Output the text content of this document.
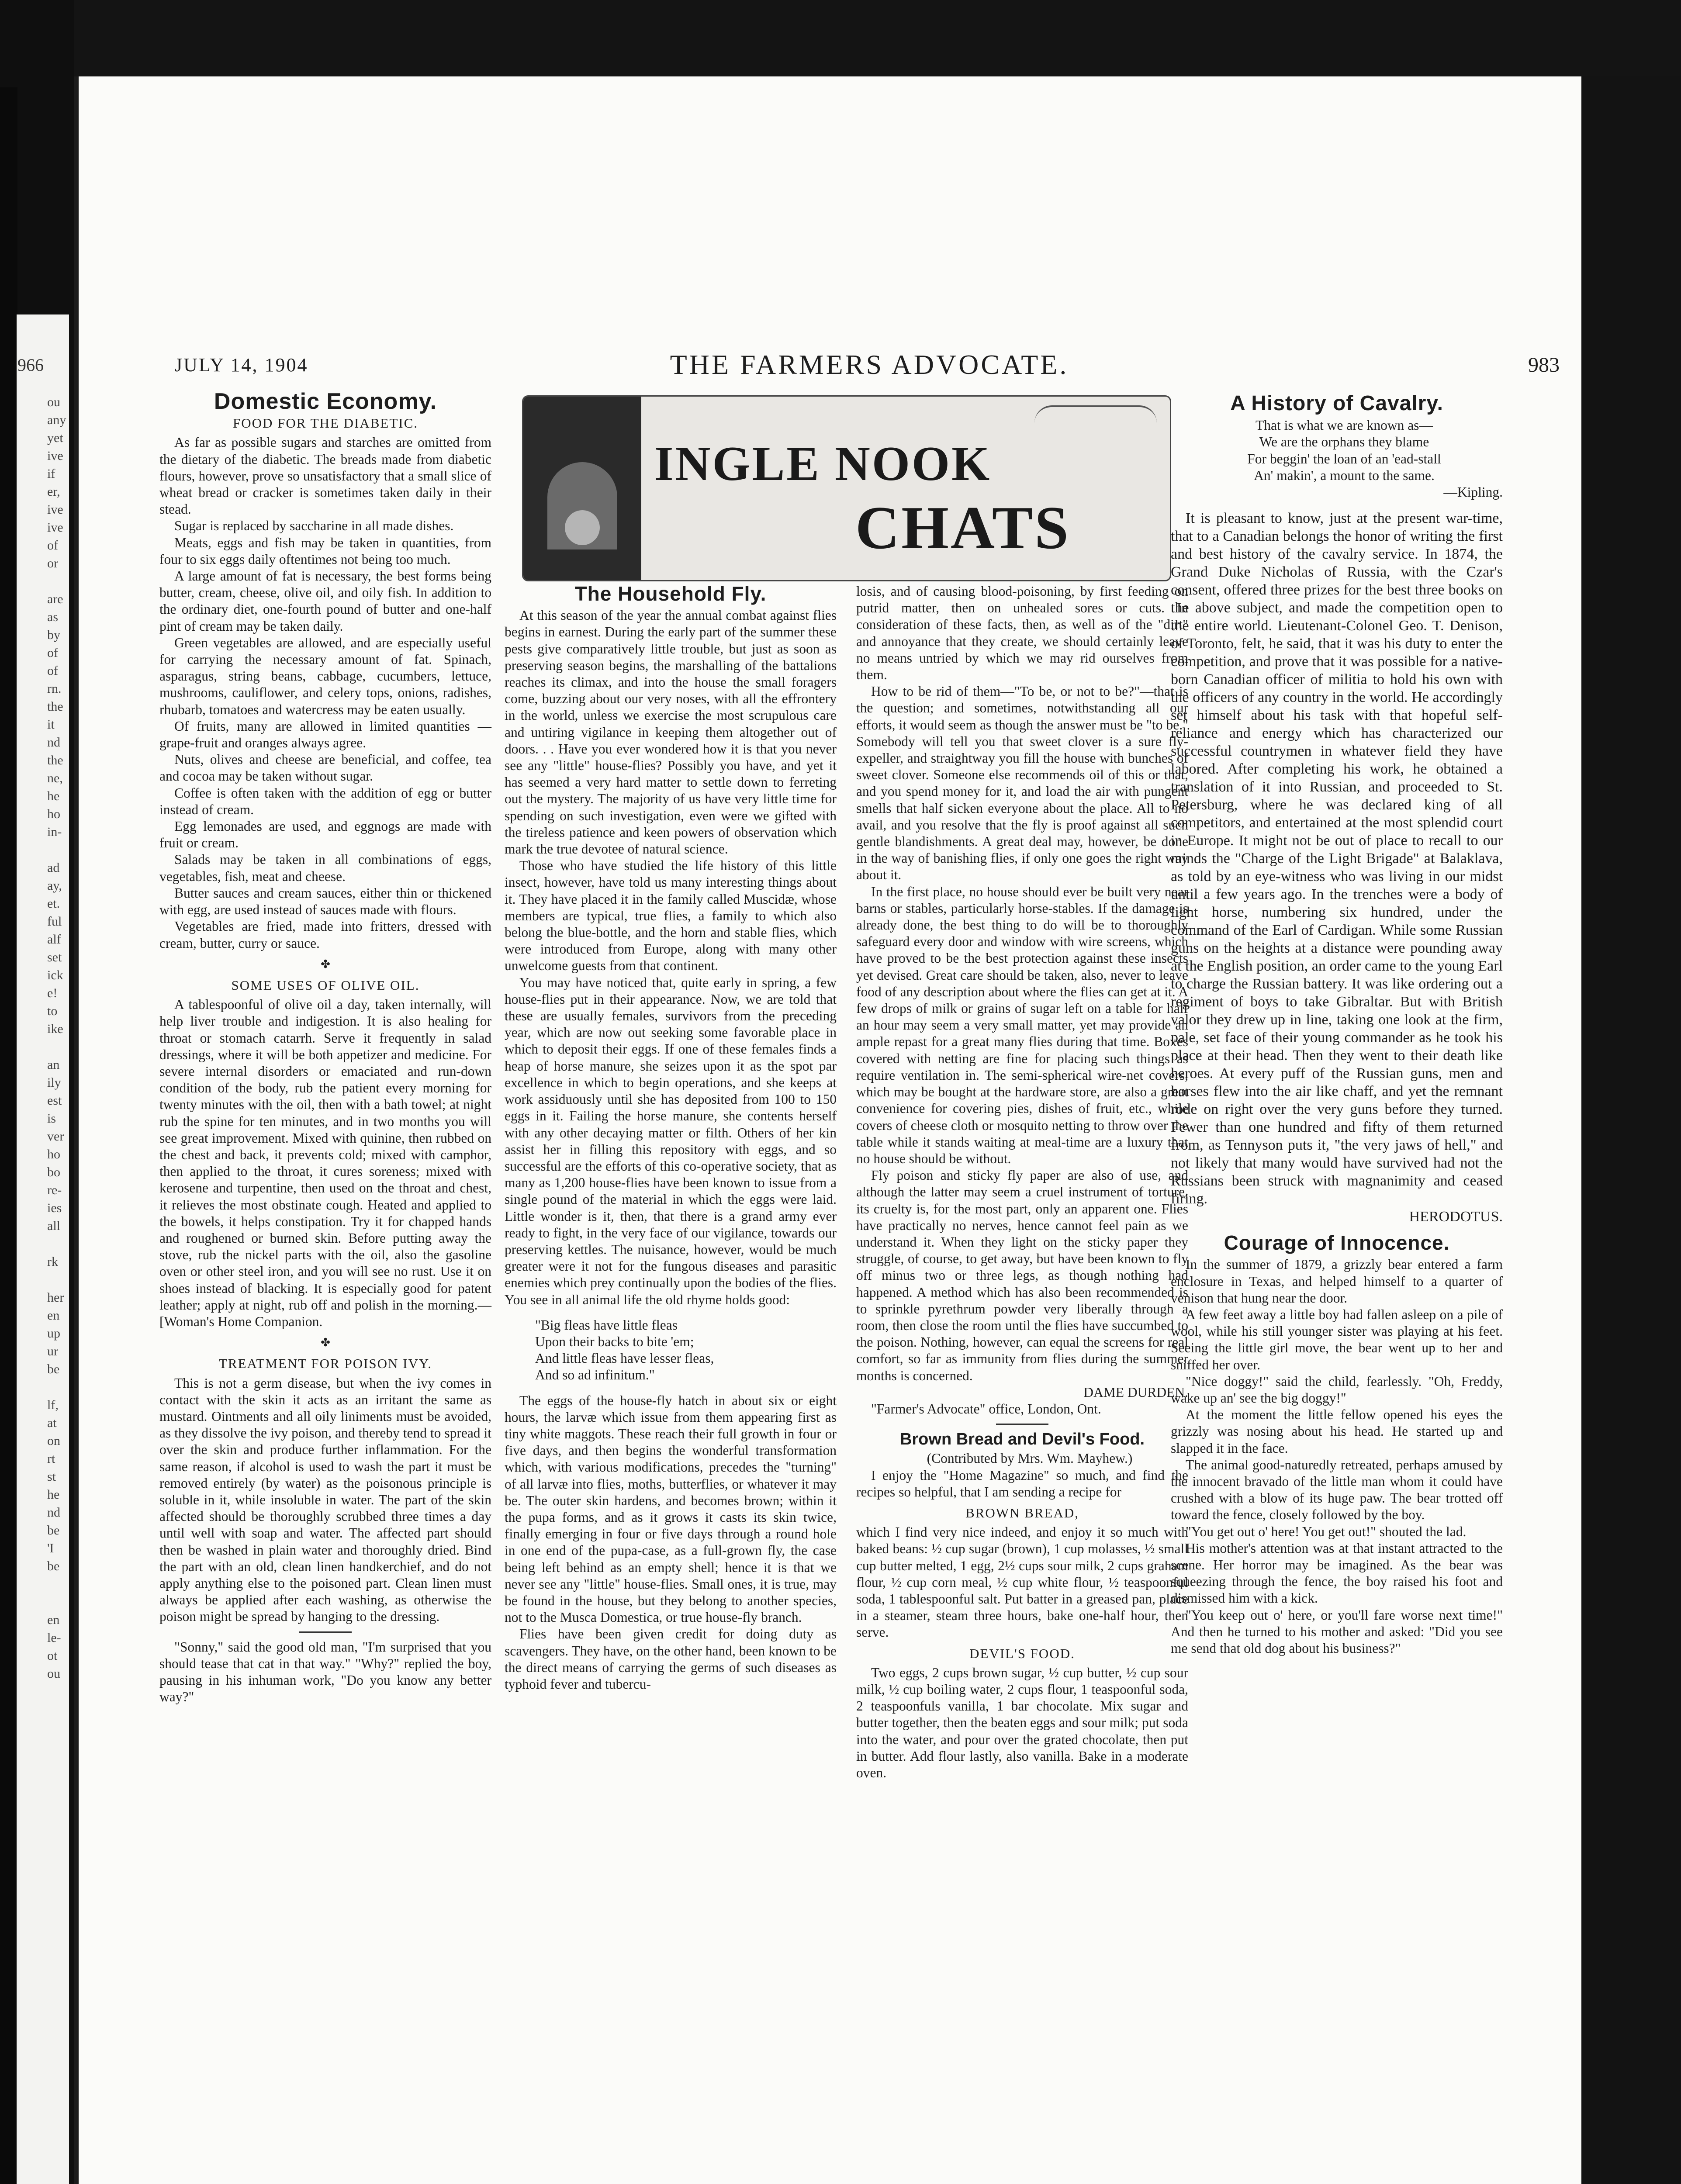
966
ou
any
yet
ive
if
er,
ive
ive
of
or

are
as
by
of
of
rn.
the
it
nd
the
ne,
he
ho
in-

ad
ay,
et.
ful
alf
set
ick
e!
to
ike

an
ily
est
is
ver
ho
bo
re-
ies
all

rk

her
en
up
ur
be

lf,
at
on
rt
st
he
nd
be
'I
be

en
le-
ot
ou
JULY 14, 1904	THE FARMERS ADVOCATE.	983
INGLE NOOK
CHATS
Domestic Economy.
FOOD FOR THE DIABETIC.

As far as possible sugars and starches are omitted from the dietary of the diabetic. The breads made from diabetic flours, however, prove so unsatisfactory that a small slice of wheat bread or cracker is sometimes taken daily in their stead.

Sugar is replaced by saccharine in all made dishes.

Meats, eggs and fish may be taken in quantities, from four to six eggs daily oftentimes not being too much.

A large amount of fat is necessary, the best forms being butter, cream, cheese, olive oil, and oily fish. In addition to the ordinary diet, one-fourth pound of butter and one-half pint of cream may be taken daily.

Green vegetables are allowed, and are especially useful for carrying the necessary amount of fat. Spinach, asparagus, string beans, cabbage, cucumbers, lettuce, mushrooms, cauliflower, and celery tops, onions, radishes, rhubarb, tomatoes and watercress may be eaten usually.

Of fruits, many are allowed in limited quantities — grape-fruit and oranges always agree.

Nuts, olives and cheese are beneficial, and coffee, tea and cocoa may be taken without sugar.

Coffee is often taken with the addition of egg or butter instead of cream.

Egg lemonades are used, and eggnogs are made with fruit or cream.

Salads may be taken in all combinations of eggs, vegetables, fish, meat and cheese.

Butter sauces and cream sauces, either thin or thickened with egg, are used instead of sauces made with flours.

Vegetables are fried, made into fritters, dressed with cream, butter, curry or sauce.

✤
SOME USES OF OLIVE OIL.

A tablespoonful of olive oil a day, taken internally, will help liver trouble and indigestion. It is also healing for throat or stomach catarrh. Serve it frequently in salad dressings, where it will be both appetizer and medicine. For severe internal disorders or emaciated and run-down condition of the body, rub the patient every morning for twenty minutes with the oil, then with a bath towel; at night rub the spine for ten minutes, and in two months you will see great improvement. Mixed with quinine, then rubbed on the chest and back, it prevents cold; mixed with camphor, then applied to the throat, it cures soreness; mixed with kerosene and turpentine, then used on the throat and chest, it relieves the most obstinate cough. Heated and applied to the bowels, it helps constipation. Try it for chapped hands and roughened or burned skin. Before putting away the stove, rub the nickel parts with the oil, also the gasoline oven or other steel iron, and you will see no rust. Use it on shoes instead of blacking. It is especially good for patent leather; apply at night, rub off and polish in the morning.—[Woman's Home Companion.

✤
TREATMENT FOR POISON IVY.

This is not a germ disease, but when the ivy comes in contact with the skin it acts as an irritant the same as mustard. Ointments and all oily liniments must be avoided, as they dissolve the ivy poison, and thereby tend to spread it over the skin and produce further inflammation. For the same reason, if alcohol is used to wash the part it must be removed entirely (by water) as the poisonous principle is soluble in it, while insoluble in water. The part of the skin affected should be thoroughly scrubbed three times a day until well with soap and water. The affected part should then be washed in plain water and thoroughly dried. Bind the part with an old, clean linen handkerchief, and do not apply anything else to the poisoned part. Clean linen must always be applied after each washing, as otherwise the poison might be spread by hanging to the dressing.

"Sonny," said the good old man, "I'm surprised that you should tease that cat in that way." "Why?" replied the boy, pausing in his inhuman work, "Do you know any better way?"

The Household Fly.

At this season of the year the annual combat against flies begins in earnest. During the early part of the summer these pests give comparatively little trouble, but just as soon as preserving season begins, the marshalling of the battalions reaches its climax, and into the house the small foragers come, buzzing about our very noses, with all the effrontery in the world, unless we exercise the most scrupulous care and untiring vigilance in keeping them altogether out of doors. . . Have you ever wondered how it is that you never see any "little" house-flies? Possibly you have, and yet it has seemed a very hard matter to settle down to ferreting out the mystery. The majority of us have very little time for spending on such investigation, even were we gifted with the tireless patience and keen powers of observation which mark the true devotee of natural science.

Those who have studied the life history of this little insect, however, have told us many interesting things about it. They have placed it in the family called Muscidæ, whose members are typical, true flies, a family to which also belong the blue-bottle, and the horn and stable flies, which were introduced from Europe, along with many other unwelcome guests from that continent.

You may have noticed that, quite early in spring, a few house-flies put in their appearance. Now, we are told that these are usually females, survivors from the preceding year, which are now out seeking some favorable place in which to deposit their eggs. If one of these females finds a heap of horse manure, she seizes upon it as the spot par excellence in which to begin operations, and she keeps at work assiduously until she has deposited from 100 to 150 eggs in it. Failing the horse manure, she contents herself with any other decaying matter or filth. Others of her kin assist her in filling this repository with eggs, and so successful are the efforts of this co-operative society, that as many as 1,200 house-flies have been known to issue from a single pound of the material in which the eggs were laid. Little wonder is it, then, that there is a grand army ever ready to fight, in the very face of our vigilance, towards our preserving kettles. The nuisance, however, would be much greater were it not for the fungous diseases and parasitic enemies which prey continually upon the bodies of the flies. You see in all animal life the old rhyme holds good:

"Big fleas have little fleas

Upon their backs to bite 'em;

And little fleas have lesser fleas,

And so ad infinitum."

The eggs of the house-fly hatch in about six or eight hours, the larvæ which issue from them appearing first as tiny white maggots. These reach their full growth in four or five days, and then begins the wonderful transformation which, with various modifications, precedes the "turning" of all larvæ into flies, moths, butterflies, or whatever it may be. The outer skin hardens, and becomes brown; within it the pupa forms, and as it grows it casts its skin twice, finally emerging in four or five days through a round hole in one end of the pupa-case, as a full-grown fly, the case being left behind as an empty shell; hence it is that we never see any "little" house-flies. Small ones, it is true, may be found in the house, but they belong to another species, not to the Musca Domestica, or true house-fly branch.

Flies have been given credit for doing duty as scavengers. They have, on the other hand, been known to be the direct means of carrying the germs of such diseases as typhoid fever and tubercu-

losis, and of causing blood-poisoning, by first feeding on putrid matter, then on unhealed sores or cuts. In consideration of these facts, then, as well as of the "dirt" and annoyance that they create, we should certainly leave no means untried by which we may rid ourselves from them.

How to be rid of them—"To be, or not to be?"—that is the question; and sometimes, notwithstanding all our efforts, it would seem as though the answer must be "to be." Somebody will tell you that sweet clover is a sure fly-expeller, and straightway you fill the house with bunches of sweet clover. Someone else recommends oil of this or that, and you spend money for it, and load the air with pungent smells that half sicken everyone about the place. All to no avail, and you resolve that the fly is proof against all such gentle blandishments. A great deal may, however, be done in the way of banishing flies, if only one goes the right way about it.

In the first place, no house should ever be built very near barns or stables, particularly horse-stables. If the damage is already done, the best thing to do will be to thoroughly safeguard every door and window with wire screens, which have proved to be the best protection against these insects yet devised. Great care should be taken, also, never to leave food of any description about where the flies can get at it. A few drops of milk or grains of sugar left on a table for half an hour may seem a very small matter, yet may provide an ample repast for a great many flies during that time. Boxes covered with netting are fine for placing such things as require ventilation in. The semi-spherical wire-net covers, which may be bought at the hardware store, are also a great convenience for covering pies, dishes of fruit, etc., while covers of cheese cloth or mosquito netting to throw over the table while it stands waiting at meal-time are a luxury that no house should be without.

Fly poison and sticky fly paper are also of use, and although the latter may seem a cruel instrument of torture, its cruelty is, for the most part, only an apparent one. Flies have practically no nerves, hence cannot feel pain as we understand it. When they light on the sticky paper they struggle, of course, to get away, but have been known to fly off minus two or three legs, as though nothing had happened. A method which has also been recommended is to sprinkle pyrethrum powder very liberally through a room, then close the room until the flies have succumbed to the poison. Nothing, however, can equal the screens for real comfort, so far as immunity from flies during the summer months is concerned.

DAME DURDEN.

"Farmer's Advocate" office, London, Ont.

Brown Bread and Devil's Food.

(Contributed by Mrs. Wm. Mayhew.)

I enjoy the "Home Magazine" so much, and find the recipes so helpful, that I am sending a recipe for

BROWN BREAD,

which I find very nice indeed, and enjoy it so much with baked beans: ½ cup sugar (brown), 1 cup molasses, ½ small cup butter melted, 1 egg, 2½ cups sour milk, 2 cups graham flour, ½ cup corn meal, ½ cup white flour, ½ teaspoonful soda, 1 tablespoonful salt. Put batter in a greased pan, place in a steamer, steam three hours, bake one-half hour, then serve.

DEVIL'S FOOD.

Two eggs, 2 cups brown sugar, ½ cup butter, ½ cup sour milk, ½ cup boiling water, 2 cups flour, 1 teaspoonful soda, 2 teaspoonfuls vanilla, 1 bar chocolate. Mix sugar and butter together, then the beaten eggs and sour milk; put soda into the water, and pour over the grated chocolate, then put in butter. Add flour lastly, also vanilla. Bake in a moderate oven.

A History of Cavalry.

That is what we are known as—

We are the orphans they blame

For beggin' the loan of an 'ead-stall

An' makin', a mount to the same.

—Kipling.

It is pleasant to know, just at the present war-time, that to a Canadian belongs the honor of writing the first and best history of the cavalry service. In 1874, the Grand Duke Nicholas of Russia, with the Czar's consent, offered three prizes for the best three books on the above subject, and made the competition open to the entire world. Lieutenant-Colonel Geo. T. Denison, of Toronto, felt, he said, that it was his duty to enter the competition, and prove that it was possible for a native-born Canadian officer of militia to hold his own with the officers of any country in the world. He accordingly set himself about his task with that hopeful self-reliance and energy which has characterized our successful countrymen in whatever field they have labored. After completing his work, he obtained a translation of it into Russian, and proceeded to St. Petersburg, where he was declared king of all competitors, and entertained at the most splendid court in Europe. It might not be out of place to recall to our minds the "Charge of the Light Brigade" at Balaklava, as told by an eye-witness who was living in our midst until a few years ago. In the trenches were a body of light horse, numbering six hundred, under the command of the Earl of Cardigan. While some Russian guns on the heights at a distance were pounding away at the English position, an order came to the young Earl to charge the Russian battery. It was like ordering out a regiment of boys to take Gibraltar. But with British valor they drew up in line, taking one look at the firm, pale, set face of their young commander as he took his place at their head. Then they went to their death like heroes. At every puff of the Russian guns, men and horses flew into the air like chaff, and yet the remnant rode on right over the very guns before they turned. Fewer than one hundred and fifty of them returned from, as Tennyson puts it, "the very jaws of hell," and not likely that many would have survived had not the Russians been struck with magnanimity and ceased firing.

HERODOTUS.

Courage of Innocence.

In the summer of 1879, a grizzly bear entered a farm enclosure in Texas, and helped himself to a quarter of venison that hung near the door.

A few feet away a little boy had fallen asleep on a pile of wool, while his still younger sister was playing at his feet. Seeing the little girl move, the bear went up to her and sniffed her over.

"Nice doggy!" said the child, fearlessly. "Oh, Freddy, wake up an' see the big doggy!"

At the moment the little fellow opened his eyes the grizzly was nosing about his head. He started up and slapped it in the face.

The animal good-naturedly retreated, perhaps amused by the innocent bravado of the little man whom it could have crushed with a blow of its huge paw. The bear trotted off toward the fence, closely followed by the boy.

"You get out o' here! You get out!" shouted the lad.

His mother's attention was at that instant attracted to the scene. Her horror may be imagined. As the bear was squeezing through the fence, the boy raised his foot and dismissed him with a kick.

"You keep out o' here, or you'll fare worse next time!" And then he turned to his mother and asked: "Did you see me send that old dog about his business?"
